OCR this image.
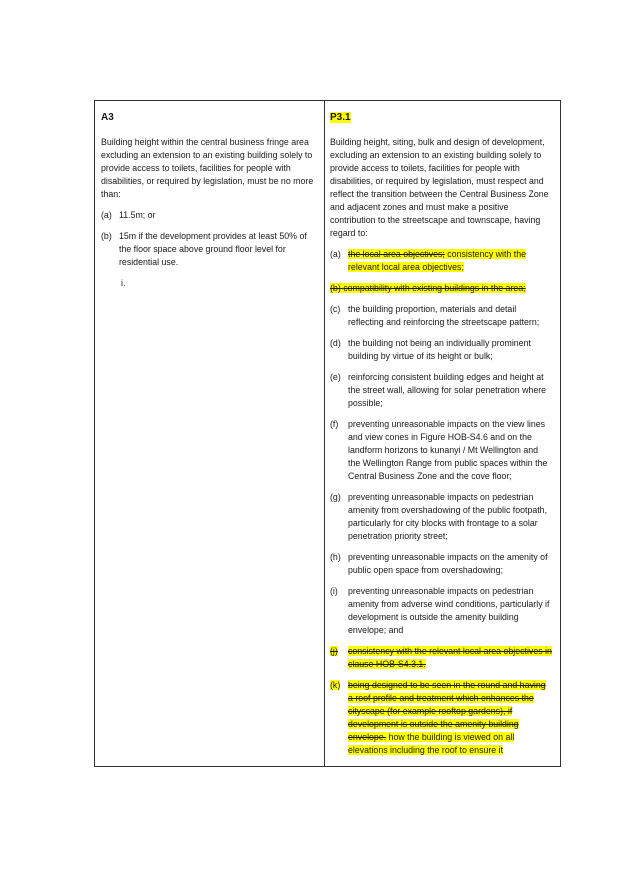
A3
Building height within the central business fringe area excluding an extension to an existing building solely to provide access to toilets, facilities for people with disabilities, or required by legislation, must be no more than:
(a) 11.5m; or
(b) 15m if the development provides at least 50% of the floor space above ground floor level for residential use.
i.
P3.1
Building height, siting, bulk and design of development, excluding an extension to an existing building solely to provide access to toilets, facilities for people with disabilities, or required by legislation, must respect and reflect the transition between the Central Business Zone and adjacent zones and must make a positive contribution to the streetscape and townscape, having regard to:
(a) the local area objectives; consistency with the relevant local area objectives;
(b) compatibility with existing buildings in the area;
(c) the building proportion, materials and detail reflecting and reinforcing the streetscape pattern;
(d) the building not being an individually prominent building by virtue of its height or bulk;
(e) reinforcing consistent building edges and height at the street wall, allowing for solar penetration where possible;
(f)	preventing unreasonable impacts on the view lines and view cones in Figure HOB-S4.6 and on the landform horizons to kunanyi / Mt Wellington and the Wellington Range from public spaces within the Central Business Zone and the cove floor;
(g) preventing unreasonable impacts on pedestrian amenity from overshadowing of the public footpath, particularly for city blocks with frontage to a solar penetration priority street;
(h) preventing unreasonable impacts on the amenity of public open space from overshadowing;
(i)	preventing unreasonable impacts on pedestrian amenity from adverse wind conditions, particularly if development is outside the amenity building envelope; and
(j)	consistency with the relevant local area objectives in clause HOB-S4.3.1.
(k) being designed to be seen in the round and having a roof profile and treatment which enhances the cityscape (for example rooftop gardens), if development is outside the amenity building envelope. how the building is viewed on all elevations including the roof to ensure it
